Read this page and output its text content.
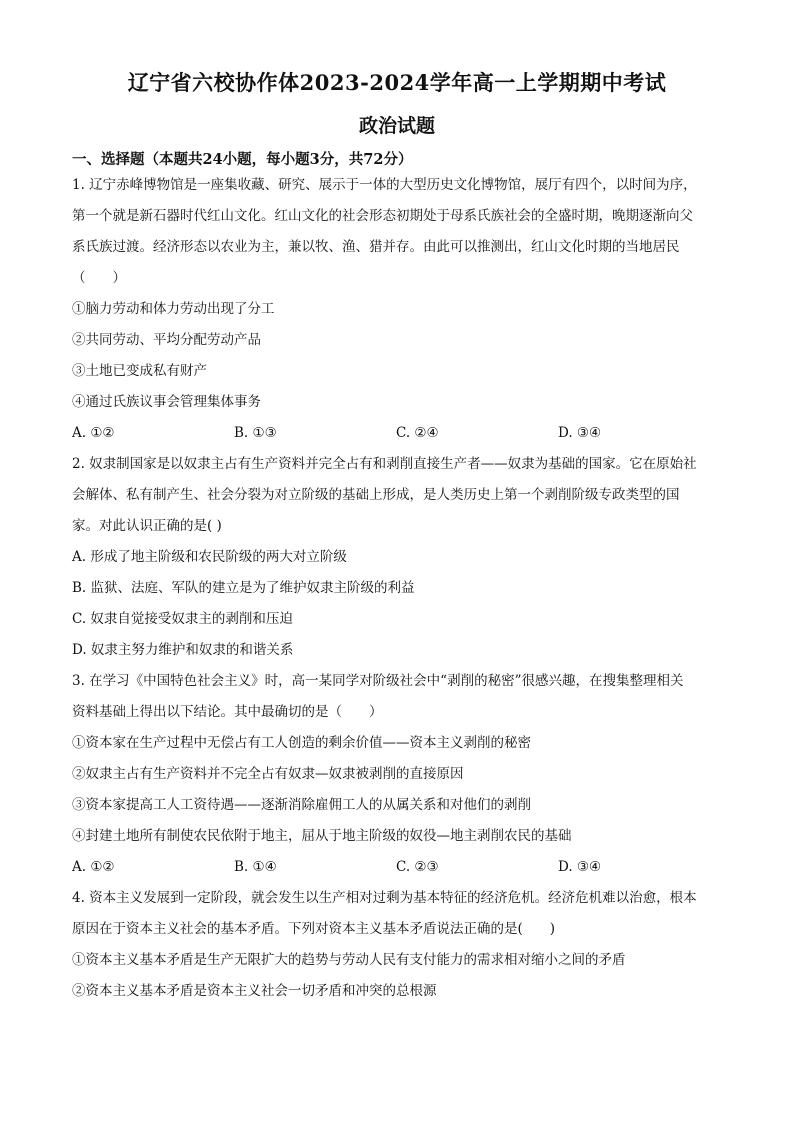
辽宁省六校协作体2023-2024学年高一上学期期中考试
政治试题
一、选择题（本题共24小题，每小题3分，共72分）

1. 辽宁赤峰博物馆是一座集收藏、研究、展示于一体的大型历史文化博物馆，展厅有四个，以时间为序，

第一个就是新石器时代红山文化。红山文化的社会形态初期处于母系氏族社会的全盛时期，晚期逐渐向父

系氏族过渡。经济形态以农业为主，兼以牧、渔、猎并存。由此可以推测出，红山文化时期的当地居民

（　　）

①脑力劳动和体力劳动出现了分工

②共同劳动、平均分配劳动产品

③土地已变成私有财产

④通过氏族议事会管理集体事务

A. ①②	B. ①③	C. ②④	D. ③④

2. 奴隶制国家是以奴隶主占有生产资料并完全占有和剥削直接生产者——奴隶为基础的国家。它在原始社

会解体、私有制产生、社会分裂为对立阶级的基础上形成，是人类历史上第一个剥削阶级专政类型的国

家。对此认识正确的是( )

A. 形成了地主阶级和农民阶级的两大对立阶级

B. 监狱、法庭、军队的建立是为了维护奴隶主阶级的利益

C. 奴隶自觉接受奴隶主的剥削和压迫

D. 奴隶主努力维护和奴隶的和谐关系

3. 在学习《中国特色社会主义》时，高一某同学对阶级社会中“剥削的秘密”很感兴趣，在搜集整理相关

资料基础上得出以下结论。其中最确切的是（　　）

①资本家在生产过程中无偿占有工人创造的剩余价值——资本主义剥削的秘密

②奴隶主占有生产资料并不完全占有奴隶—奴隶被剥削的直接原因

③资本家提高工人工资待遇——逐渐消除雇佣工人的从属关系和对他们的剥削

④封建土地所有制使农民依附于地主，屈从于地主阶级的奴役—地主剥削农民的基础

A. ①②	B. ①④	C. ②③	D. ③④

4. 资本主义发展到一定阶段，就会发生以生产相对过剩为基本特征的经济危机。经济危机难以治愈，根本

原因在于资本主义社会的基本矛盾。下列对资本主义基本矛盾说法正确的是(　　)

①资本主义基本矛盾是生产无限扩大的趋势与劳动人民有支付能力的需求相对缩小之间的矛盾

②资本主义基本矛盾是资本主义社会一切矛盾和冲突的总根源
